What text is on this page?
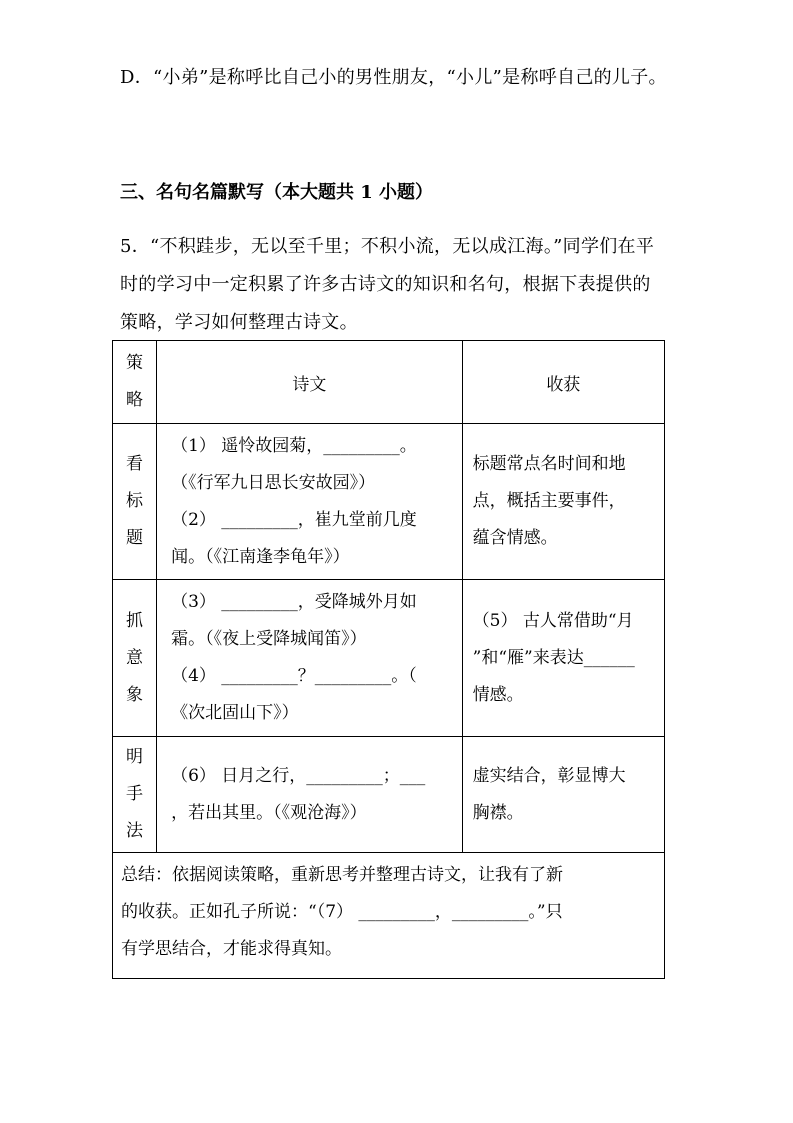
D．“小弟”是称呼比自己小的男性朋友，“小儿”是称呼自己的儿子。

三、名句名篇默写（本大题共 1 小题）

5．“不积跬步，无以至千里；不积小流，无以成江海。”同学们在平时的学习中一定积累了许多古诗文的知识和名句，根据下表提供的策略，学习如何整理古诗文。

策
略	诗文	收获

看
标
题	（1） 遥怜故园菊，_________。
（《行军九日思长安故园》）
（2） _________，崔九堂前几度
闻。（《江南逢李龟年》）	标题常点名时间和地
点，概括主要事件，
蕴含情感。

抓
意
象	（3） _________，受降城外月如
霜。（《夜上受降城闻笛》）
（4） _________？_________。（
《次北固山下》）	（5） 古人常借助“月
”和“雁”来表达______
情感。

明
手
法	（6） 日月之行，_________；___
，若出其里。（《观沧海》）	虚实结合，彰显博大
胸襟。

总结：依据阅读策略，重新思考并整理古诗文，让我有了新
的收获。正如孔子所说：“（7） _________，_________。”只
有学思结合，才能求得真知。		
